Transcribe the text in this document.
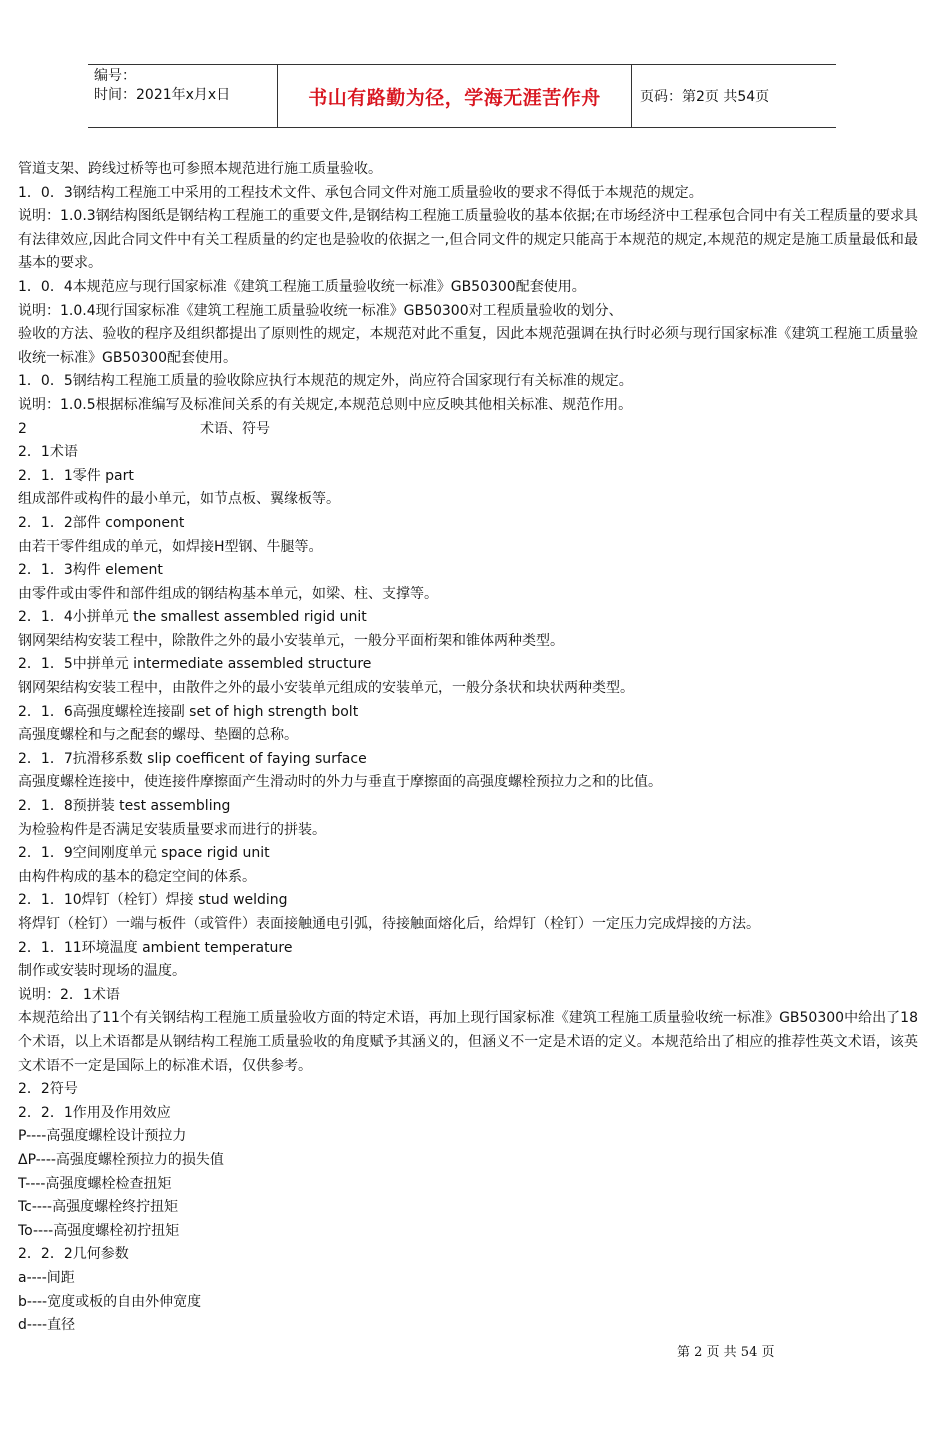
编号：
时间：2021年x月x日	书山有路勤为径，学海无涯苦作舟	页码：第2页 共54页
管道支架、跨线过桥等也可参照本规范进行施工质量验收。
1．0．3钢结构工程施工中采用的工程技术文件、承包合同文件对施工质量验收的要求不得低于本规范的规定。
说明：1.0.3钢结构图纸是钢结构工程施工的重要文件,是钢结构工程施工质量验收的基本依据;在市场经济中工程承包合同中有关工程质量的要求具有法律效应,因此合同文件中有关工程质量的约定也是验收的依据之一,但合同文件的规定只能高于本规范的规定,本规范的规定是施工质量最低和最基本的要求。
1．0．4本规范应与现行国家标准《建筑工程施工质量验收统一标准》GB50300配套使用。
说明：1.0.4现行国家标准《建筑工程施工质量验收统一标准》GB50300对工程质量验收的划分、
验收的方法、验收的程序及组织都提出了原则性的规定，本规范对此不重复，因此本规范强调在执行时必须与现行国家标准《建筑工程施工质量验收统一标准》GB50300配套使用。
1．0．5钢结构工程施工质量的验收除应执行本规范的规定外，尚应符合国家现行有关标准的规定。
说明：1.0.5根据标准编写及标准间关系的有关规定,本规范总则中应反映其他相关标准、规范作用。
2	术语、符号
2．1术语
2．1．1零件 part
组成部件或构件的最小单元，如节点板、翼缘板等。
2．1．2部件 component
由若干零件组成的单元，如焊接H型钢、牛腿等。
2．1．3构件 element
由零件或由零件和部件组成的钢结构基本单元，如梁、柱、支撑等。
2．1．4小拼单元 the smallest assembled rigid unit
钢网架结构安装工程中，除散件之外的最小安装单元，一般分平面桁架和锥体两种类型。
2．1．5中拼单元 intermediate assembled structure
钢网架结构安装工程中，由散件之外的最小安装单元组成的安装单元，一般分条状和块状两种类型。
2．1．6高强度螺栓连接副 set of high strength bolt
高强度螺栓和与之配套的螺母、垫圈的总称。
2．1．7抗滑移系数 slip coefficent of faying surface
高强度螺栓连接中，使连接件摩擦面产生滑动时的外力与垂直于摩擦面的高强度螺栓预拉力之和的比值。
2．1．8预拼装 test assembling
为检验构件是否满足安装质量要求而进行的拼装。
2．1．9空间刚度单元 space rigid unit
由构件构成的基本的稳定空间的体系。
2．1．10焊钉（栓钉）焊接 stud welding
将焊钉（栓钉）一端与板件（或管件）表面接触通电引弧，待接触面熔化后，给焊钉（栓钉）一定压力完成焊接的方法。
2．1．11环境温度 ambient temperature
制作或安装时现场的温度。
说明：2．1术语
本规范给出了11个有关钢结构工程施工质量验收方面的特定术语，再加上现行国家标准《建筑工程施工质量验收统一标准》GB50300中给出了18个术语，以上术语都是从钢结构工程施工质量验收的角度赋予其涵义的，但涵义不一定是术语的定义。本规范给出了相应的推荐性英文术语，该英文术语不一定是国际上的标准术语，仅供参考。
2．2符号
2．2．1作用及作用效应
P----高强度螺栓设计预拉力
ΔP----高强度螺栓预拉力的损失值
T----高强度螺栓检查扭矩
Tc----高强度螺栓终拧扭矩
To----高强度螺栓初拧扭矩
2．2．2几何参数
a----间距
b----宽度或板的自由外伸宽度
d----直径
第 2 页 共 54 页
